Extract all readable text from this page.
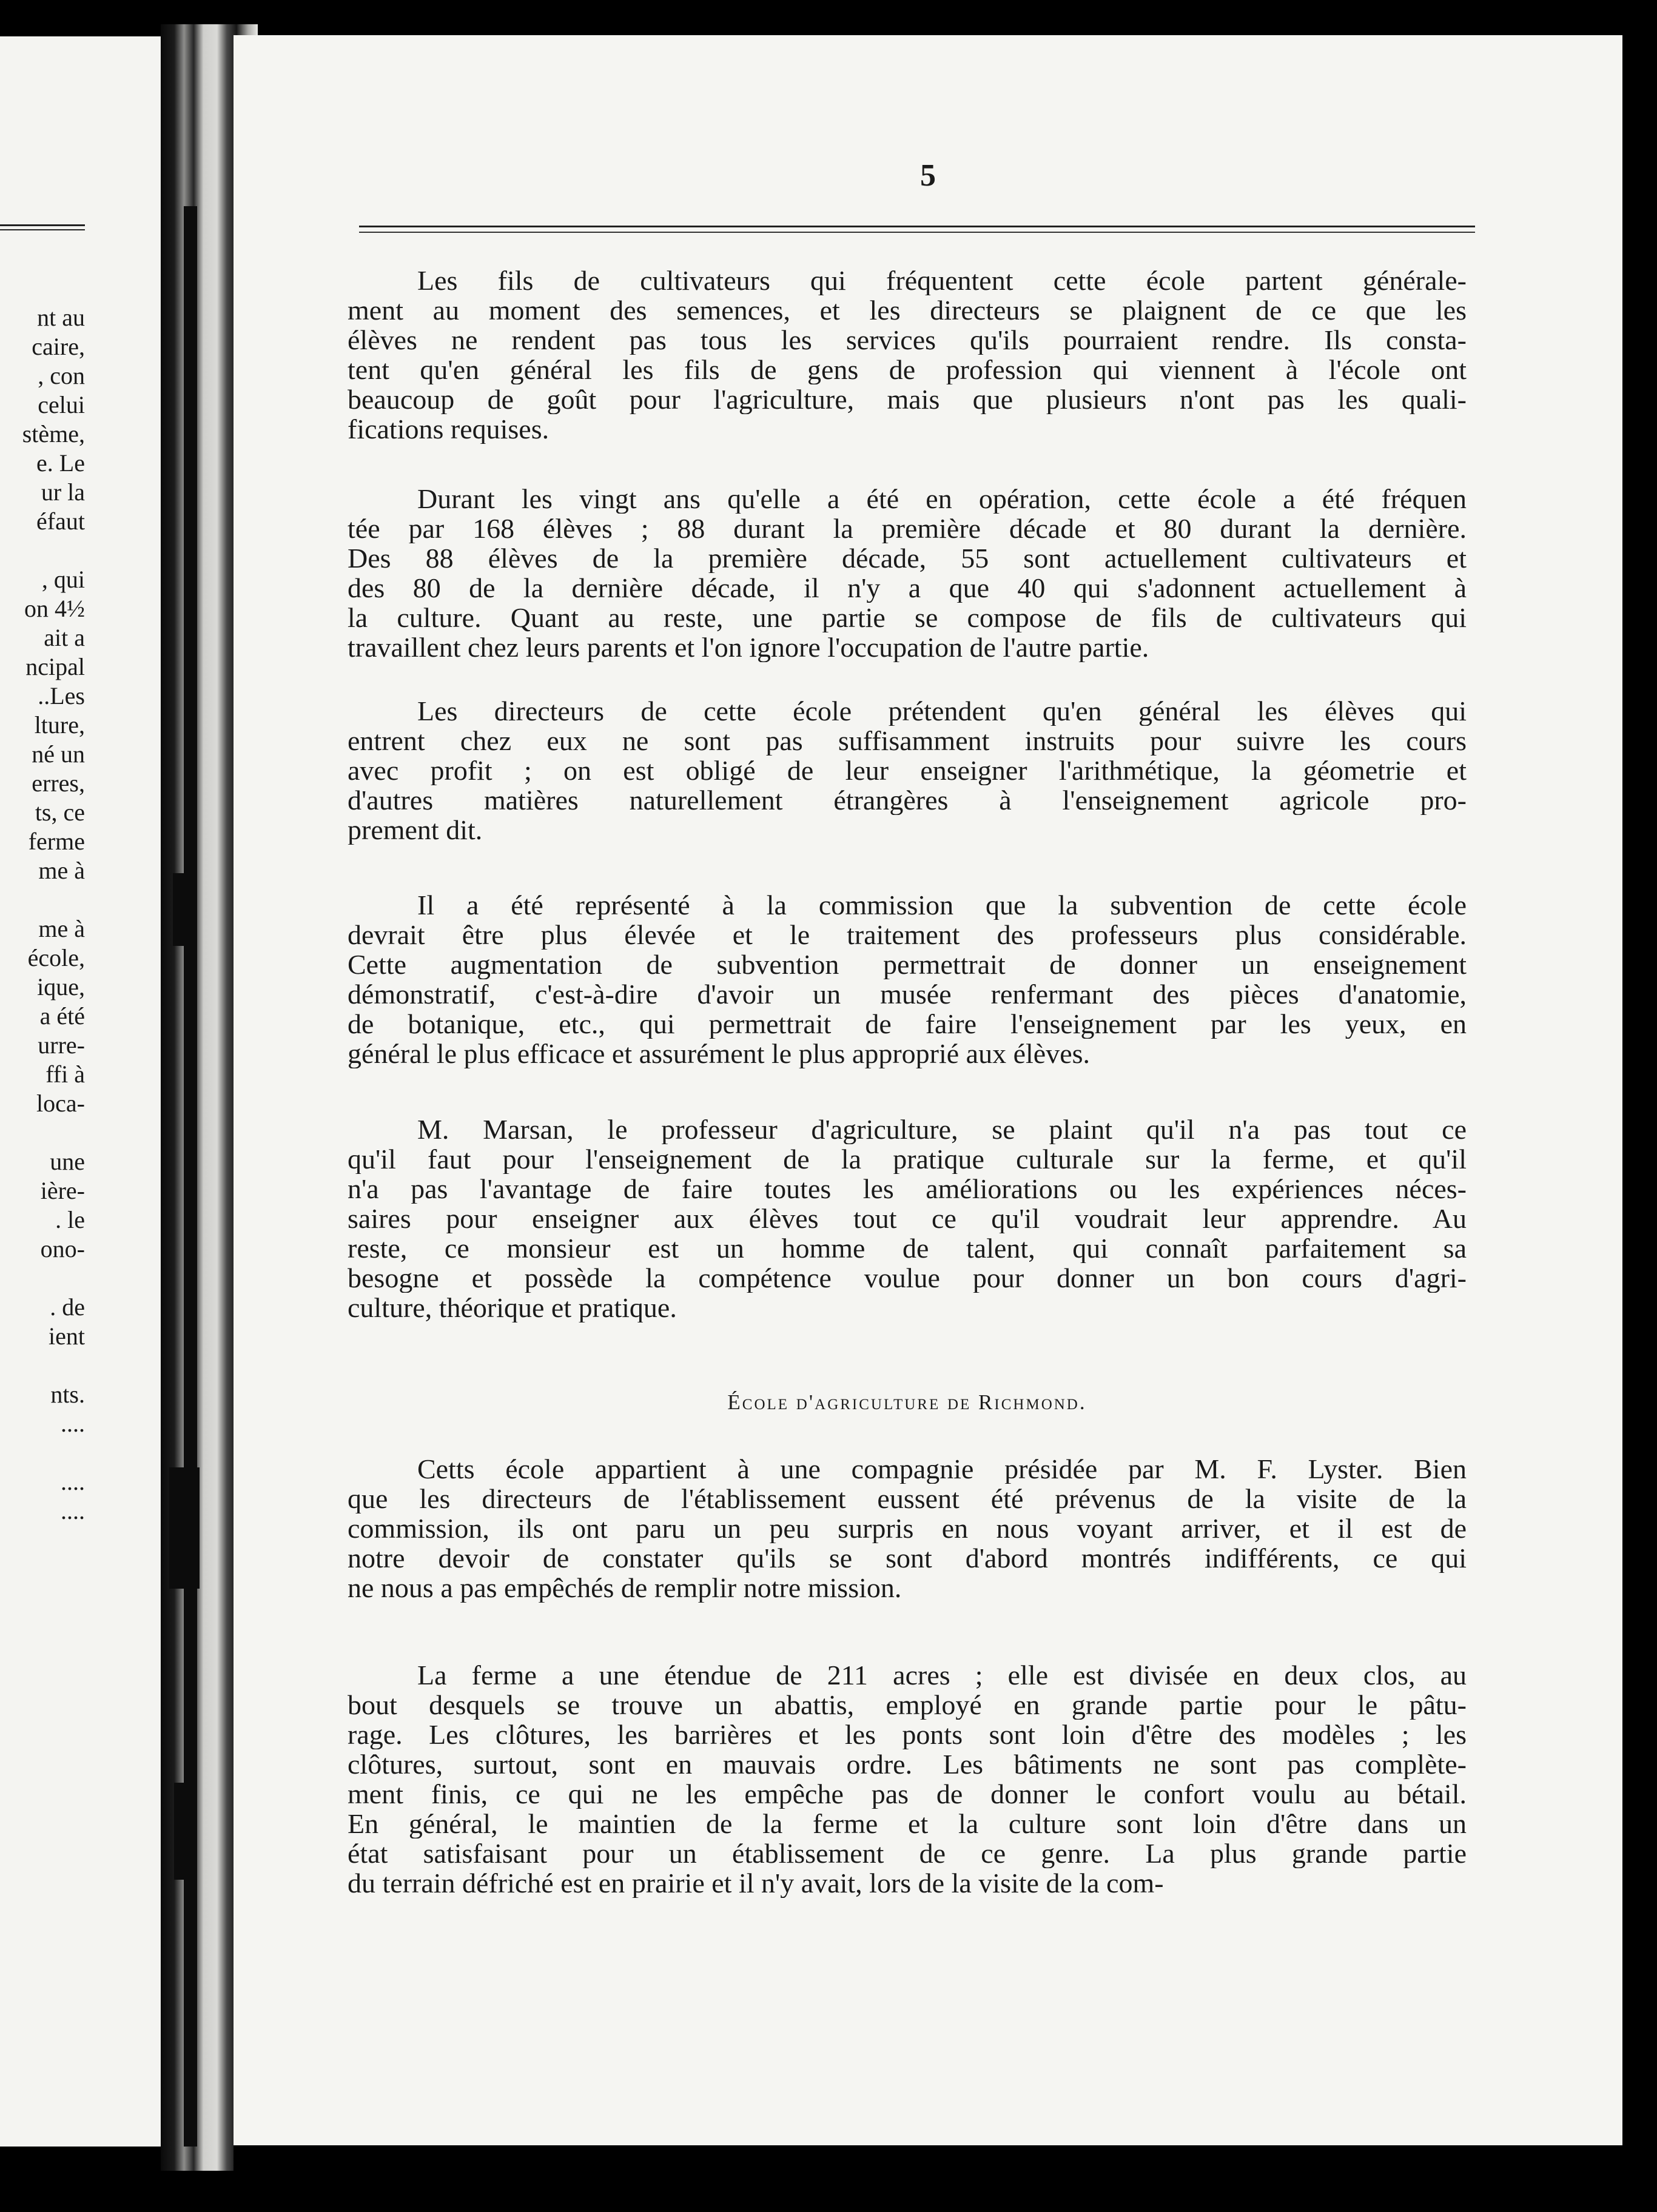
nt au
caire,
, con
celui
stème,
e. Le
ur la
éfaut
, qui
on 4½
ait a
ncipal
..Les
lture,
né un
erres,
ts, ce
ferme
me à
me à
école,
ique,
a été
urre-
ffi à
loca-
une
ière-
. le
ono-
. de
ient
nts.
....
....
....
5
Les fils de cultivateurs qui fréquentent cette école partent générale-
ment au moment des semences, et les directeurs se plaignent de ce que les
élèves ne rendent pas tous les services qu'ils pourraient rendre. Ils consta-
tent qu'en général les fils de gens de profession qui viennent à l'école ont
beaucoup de goût pour l'agriculture, mais que plusieurs n'ont pas les quali-
fications requises.
Durant les vingt ans qu'elle a été en opération, cette école a été fréquen
tée par 168 élèves ; 88 durant la première décade et 80 durant la dernière.
Des 88 élèves de la première décade, 55 sont actuellement cultivateurs et
des 80 de la dernière décade, il n'y a que 40 qui s'adonnent actuellement à
la culture. Quant au reste, une partie se compose de fils de cultivateurs qui
travaillent chez leurs parents et l'on ignore l'occupation de l'autre partie.
Les directeurs de cette école prétendent qu'en général les élèves qui
entrent chez eux ne sont pas suffisamment instruits pour suivre les cours
avec profit ; on est obligé de leur enseigner l'arithmétique, la géometrie et
d'autres matières naturellement étrangères à l'enseignement agricole pro-
prement dit.
Il a été représenté à la commission que la subvention de cette école
devrait être plus élevée et le traitement des professeurs plus considérable.
Cette augmentation de subvention permettrait de donner un enseignement
démonstratif, c'est-à-dire d'avoir un musée renfermant des pièces d'anatomie,
de botanique, etc., qui permettrait de faire l'enseignement par les yeux, en
général le plus efficace et assurément le plus approprié aux élèves.
M. Marsan, le professeur d'agriculture, se plaint qu'il n'a pas tout ce
qu'il faut pour l'enseignement de la pratique culturale sur la ferme, et qu'il
n'a pas l'avantage de faire toutes les améliorations ou les expériences néces-
saires pour enseigner aux élèves tout ce qu'il voudrait leur apprendre. Au
reste, ce monsieur est un homme de talent, qui connaît parfaitement sa
besogne et possède la compétence voulue pour donner un bon cours d'agri-
culture, théorique et pratique.
École d'agriculture de Richmond.
Cetts école appartient à une compagnie présidée par M. F. Lyster. Bien
que les directeurs de l'établissement eussent été prévenus de la visite de la
commission, ils ont paru un peu surpris en nous voyant arriver, et il est de
notre devoir de constater qu'ils se sont d'abord montrés indifférents, ce qui
ne nous a pas empêchés de remplir notre mission.
La ferme a une étendue de 211 acres ; elle est divisée en deux clos, au
bout desquels se trouve un abattis, employé en grande partie pour le pâtu-
rage. Les clôtures, les barrières et les ponts sont loin d'être des modèles ; les
clôtures, surtout, sont en mauvais ordre. Les bâtiments ne sont pas complète-
ment finis, ce qui ne les empêche pas de donner le confort voulu au bétail.
En général, le maintien de la ferme et la culture sont loin d'être dans un
état satisfaisant pour un établissement de ce genre. La plus grande partie
du terrain défriché est en prairie et il n'y avait, lors de la visite de la com-
